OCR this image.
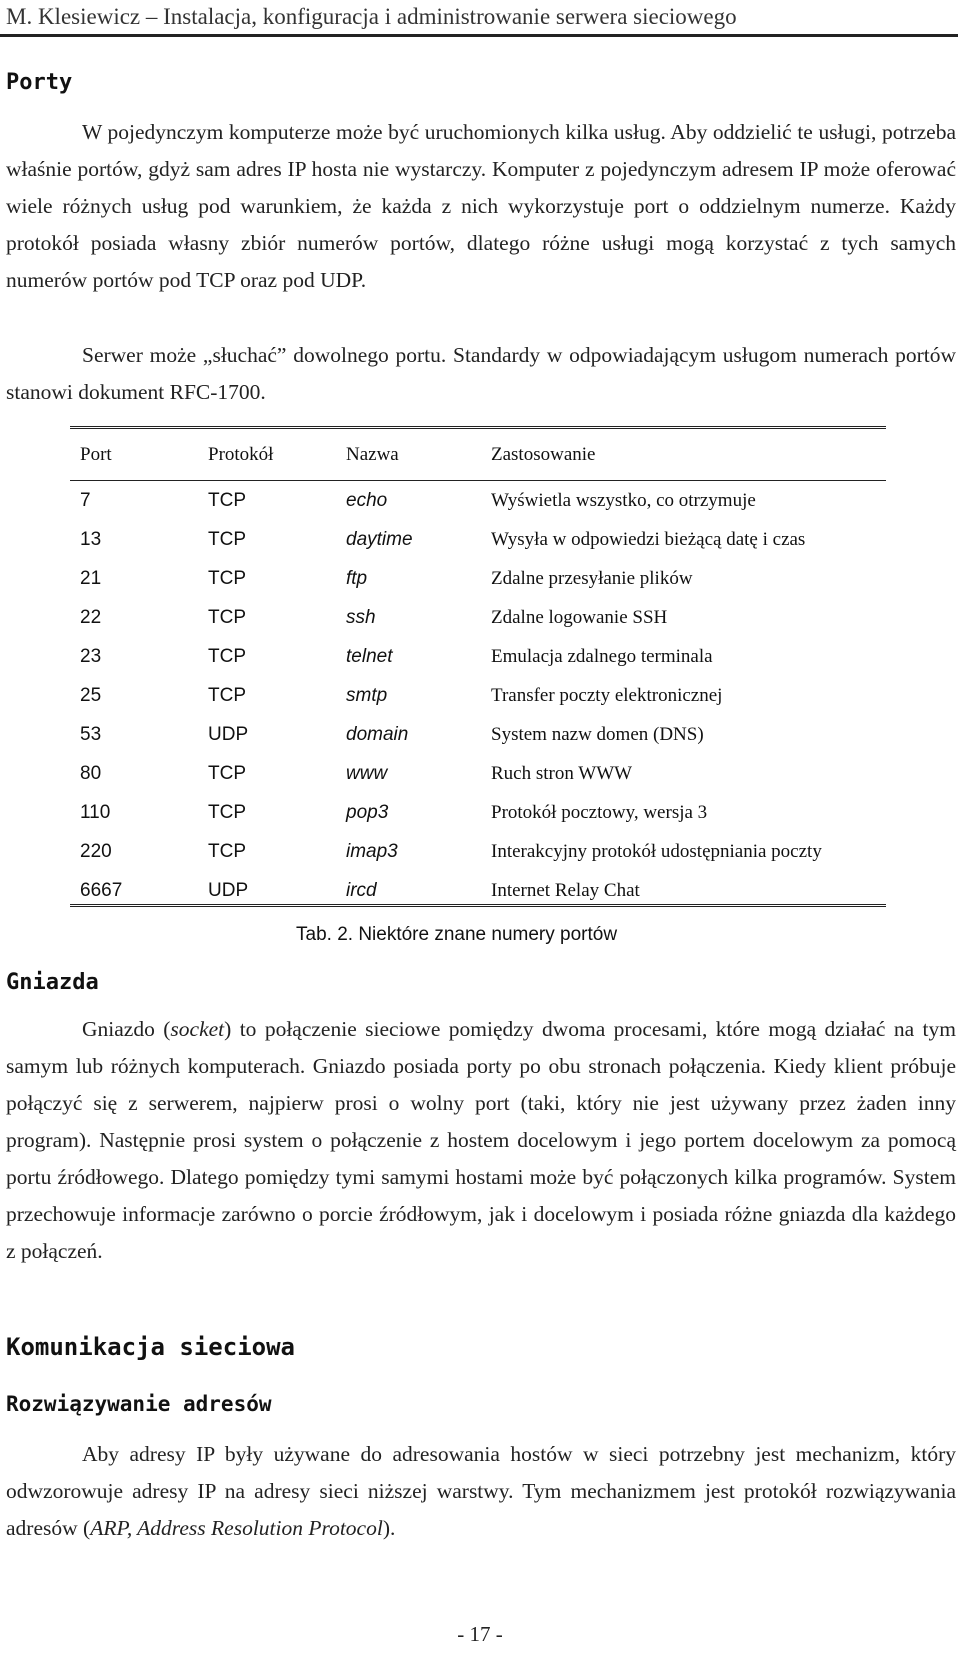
M. Klesiewicz – Instalacja, konfiguracja i administrowanie serwera sieciowego
Porty

W pojedynczym komputerze może być uruchomionych kilka usług. Aby oddzielić te usługi, potrzeba właśnie portów, gdyż sam adres IP hosta nie wystarczy. Komputer z pojedynczym adresem IP może oferować wiele różnych usług pod warunkiem, że każda z nich wykorzystuje port o oddzielnym numerze. Każdy protokół posiada własny zbiór numerów portów, dlatego różne usługi mogą korzystać z tych samych numerów portów pod TCP oraz pod UDP.

Serwer może „słuchać” dowolnego portu. Standardy w odpowiadającym usługom numerach portów stanowi dokument RFC-1700.

Port	Protokół	Nazwa	Zastosowanie
7	TCP	echo	Wyświetla wszystko, co otrzymuje
13	TCP	daytime	Wysyła w odpowiedzi bieżącą datę i czas
21	TCP	ftp	Zdalne przesyłanie plików
22	TCP	ssh	Zdalne logowanie SSH
23	TCP	telnet	Emulacja zdalnego terminala
25	TCP	smtp	Transfer poczty elektronicznej
53	UDP	domain	System nazw domen (DNS)
80	TCP	www	Ruch stron WWW
110	TCP	pop3	Protokół pocztowy, wersja 3
220	TCP	imap3	Interakcyjny protokół udostępniania poczty
6667	UDP	ircd	Internet Relay Chat
Tab. 2. Niektóre znane numery portów
Gniazda

Gniazdo (socket) to połączenie sieciowe pomiędzy dwoma procesami, które mogą działać na tym samym lub różnych komputerach. Gniazdo posiada porty po obu stronach połączenia. Kiedy klient próbuje połączyć się z serwerem, najpierw prosi o wolny port (taki, który nie jest używany przez żaden inny program). Następnie prosi system o połączenie z hostem docelowym i jego portem docelowym za pomocą portu źródłowego. Dlatego pomiędzy tymi samymi hostami może być połączonych kilka programów. System przechowuje informacje zarówno o porcie źródłowym, jak i docelowym i posiada różne gniazda dla każdego z połączeń.

Komunikacja sieciowa
Rozwiązywanie adresów

Aby adresy IP były używane do adresowania hostów w sieci potrzebny jest mechanizm, który odwzorowuje adresy IP na adresy sieci niższej warstwy. Tym mechanizmem jest protokół rozwiązywania adresów (ARP, Address Resolution Protocol).

- 17 -
